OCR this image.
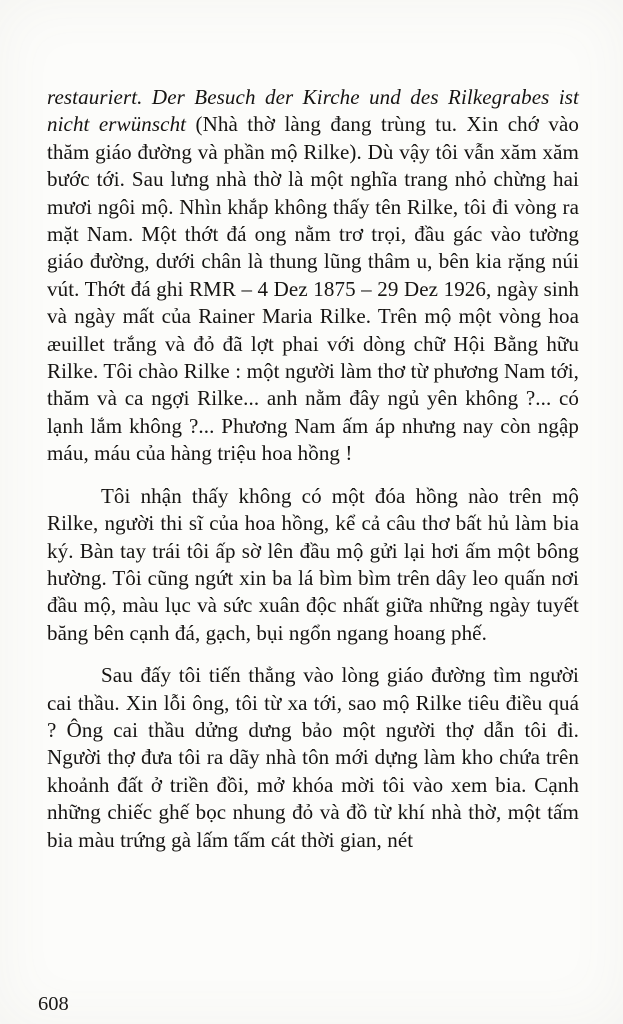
restauriert. Der Besuch der Kirche und des Rilkegrabes ist nicht erwünscht (Nhà thờ làng đang trùng tu. Xin chớ vào thăm giáo đường và phần mộ Rilke). Dù vậy tôi vẫn xăm xăm bước tới. Sau lưng nhà thờ là một nghĩa trang nhỏ chừng hai mươi ngôi mộ. Nhìn khắp không thấy tên Rilke, tôi đi vòng ra mặt Nam. Một thớt đá ong nằm trơ trọi, đầu gác vào tường giáo đường, dưới chân là thung lũng thâm u, bên kia rặng núi vút. Thớt đá ghi RMR – 4 Dez 1875 – 29 Dez 1926, ngày sinh và ngày mất của Rainer Maria Rilke. Trên mộ một vòng hoa æuillet trắng và đỏ đã lợt phai với dòng chữ Hội Bằng hữu Rilke. Tôi chào Rilke : một người làm thơ từ phương Nam tới, thăm và ca ngợi Rilke... anh nằm đây ngủ yên không ?... có lạnh lắm không ?... Phương Nam ấm áp nhưng nay còn ngập máu, máu của hàng triệu hoa hồng !

Tôi nhận thấy không có một đóa hồng nào trên mộ Rilke, người thi sĩ của hoa hồng, kể cả câu thơ bất hủ làm bia ký. Bàn tay trái tôi ấp sờ lên đầu mộ gửi lại hơi ấm một bông hường. Tôi cũng ngứt xin ba lá bìm bìm trên dây leo quấn nơi đầu mộ, màu lục và sức xuân độc nhất giữa những ngày tuyết băng bên cạnh đá, gạch, bụi ngổn ngang hoang phế.

Sau đấy tôi tiến thẳng vào lòng giáo đường tìm người cai thầu. Xin lỗi ông, tôi từ xa tới, sao mộ Rilke tiêu điều quá ? Ông cai thầu dửng dưng bảo một người thợ dẫn tôi đi. Người thợ đưa tôi ra dãy nhà tôn mới dựng làm kho chứa trên khoảnh đất ở triền đồi, mở khóa mời tôi vào xem bia. Cạnh những chiếc ghế bọc nhung đỏ và đồ từ khí nhà thờ, một tấm bia màu trứng gà lấm tấm cát thời gian, nét

608
